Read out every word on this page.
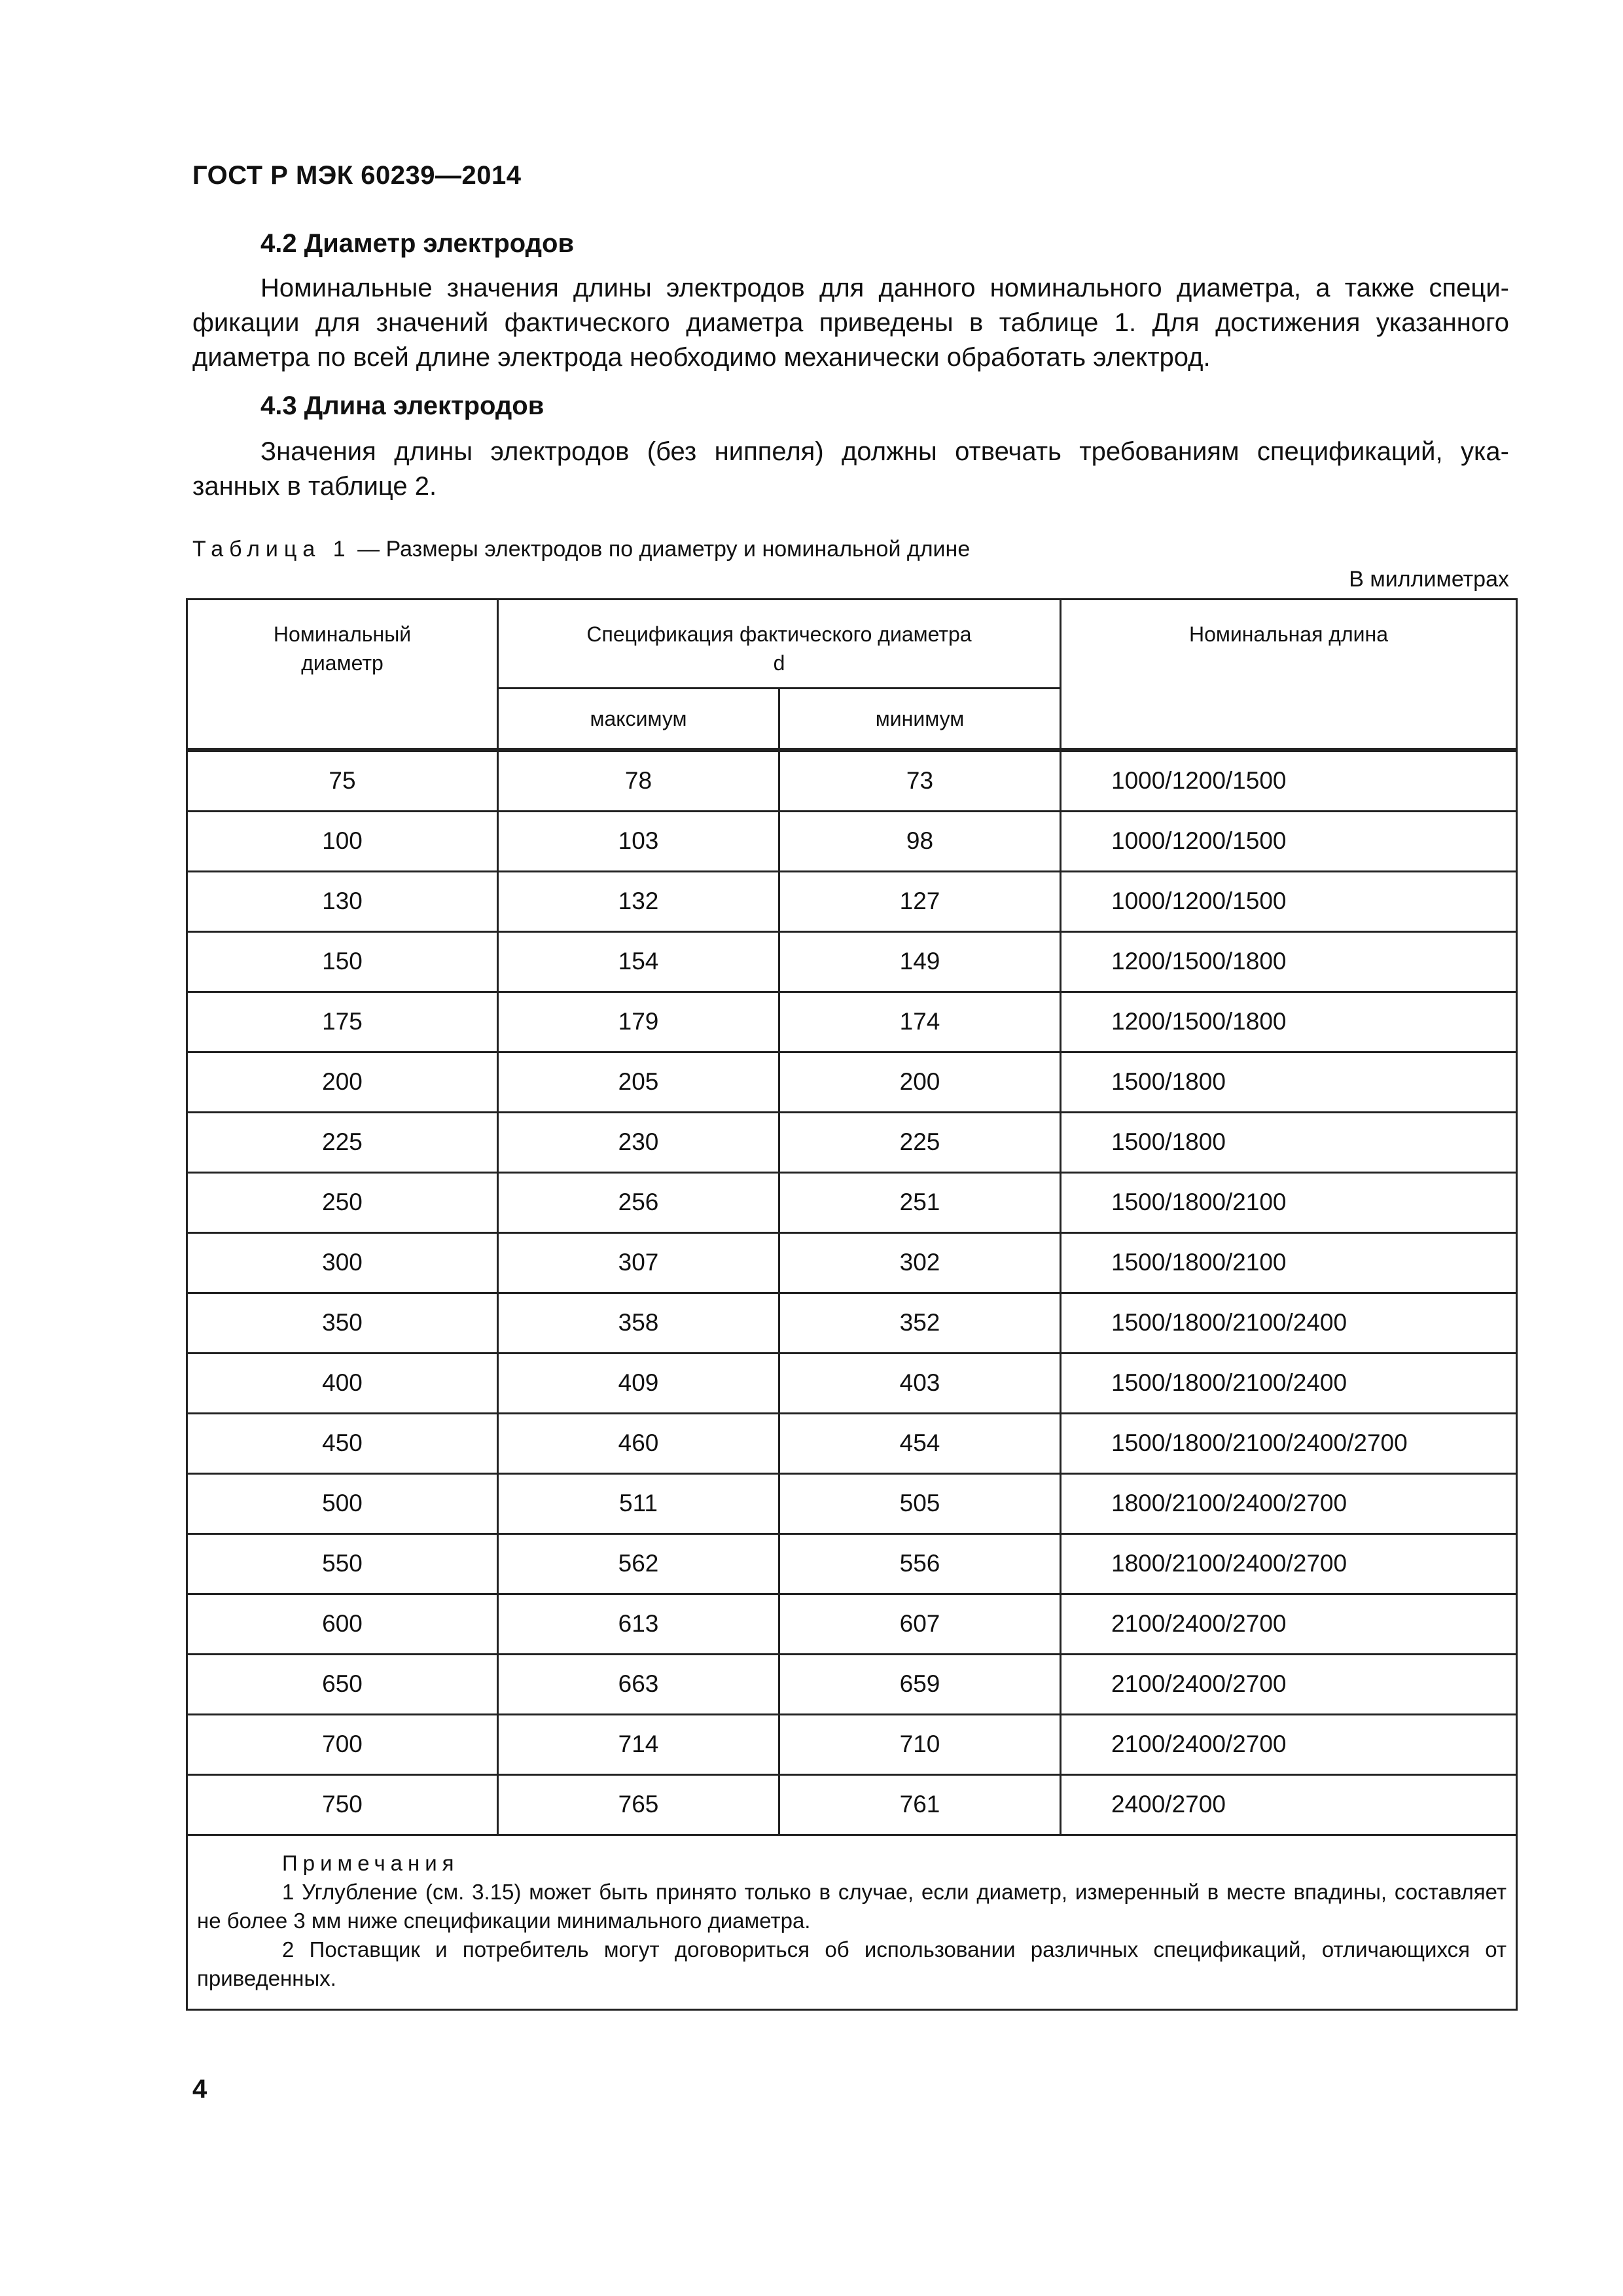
ГОСТ Р МЭК 60239—2014
4.2 Диаметр электродов
Номинальные значения длины электродов для данного номинального диаметра, а также специ-
фикации для значений фактического диаметра приведены в таблице 1. Для достижения указанного
диаметра по всей длине электрода необходимо механически обработать электрод.
4.3 Длина электродов
Значения длины электродов (без ниппеля) должны отвечать требованиям спецификаций, ука-
занных в таблице 2.
Таблица 1 — Размеры электродов по диаметру и номинальной длине
В миллиметрах
Номинальный
диаметр	Спецификация фактического диаметра
d		Номинальная длина
	максимум	минимум	
75	78	73	1000/1200/1500
100	103	98	1000/1200/1500
130	132	127	1000/1200/1500
150	154	149	1200/1500/1800
175	179	174	1200/1500/1800
200	205	200	1500/1800
225	230	225	1500/1800
250	256	251	1500/1800/2100
300	307	302	1500/1800/2100
350	358	352	1500/1800/2100/2400
400	409	403	1500/1800/2100/2400
450	460	454	1500/1800/2100/2400/2700
500	511	505	1800/2100/2400/2700
550	562	556	1800/2100/2400/2700
600	613	607	2100/2400/2700
650	663	659	2100/2400/2700
700	714	710	2100/2400/2700
750	765	761	2400/2700

Примечания
1 Углубление (см. 3.15) может быть принято только в случае, если диаметр, измеренный в месте впадины, составляет не более 3 мм ниже спецификации минимального диаметра.
2 Поставщик и потребитель могут договориться об использовании различных спецификаций, отличающихся от приведенных.			
4
